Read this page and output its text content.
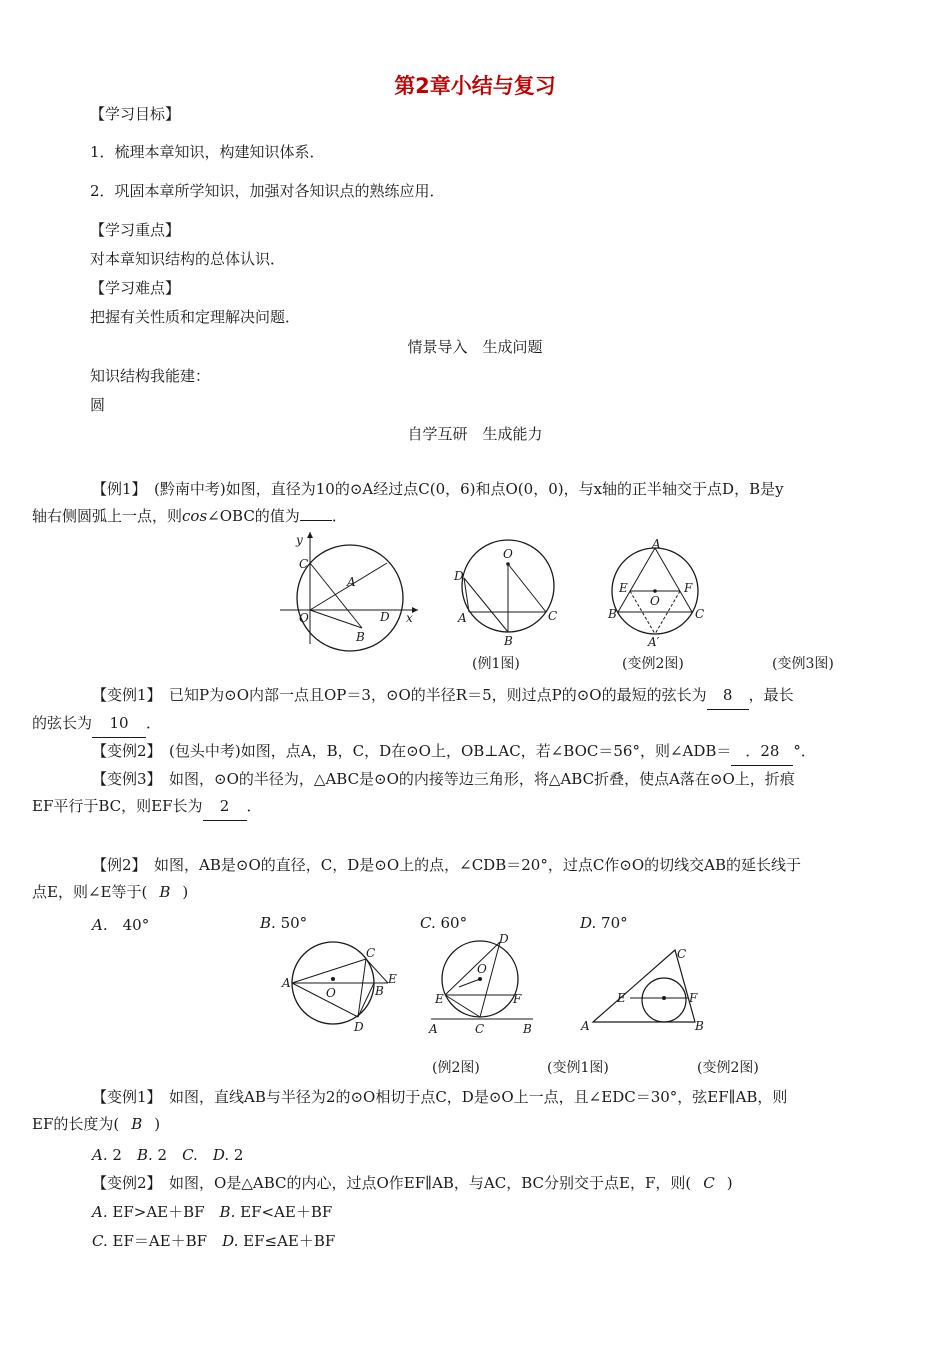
第2章小结与复习
【学习目标】
1．梳理本章知识，构建知识体系．
2．巩固本章所学知识，加强对各知识点的熟练应用．
【学习重点】
对本章知识结构的总体认识．
【学习难点】
把握有关性质和定理解决问题．
情景导入　生成问题
知识结构我能建：
圆
自学互研　生成能力
【例1】　(黔南中考)如图，直径为10的⊙A经过点C(0，6)和点O(0，0)，与x轴的正半轴交于点D，B是y
轴右侧圆弧上一点，则cos∠OBC的值为 ．
y
C
A
O	D
B
x
D
O
A
B
C
A
E
O
F
B	C
A′
(例1图)	(变例2图)	(变例3图)
【变例1】　已知P为⊙O内部一点且OP＝3，⊙O的半径R＝5，则过点P的⊙O的最短的弦长为 8 ，最长
的弦长为 10 ．
【变例2】　(包头中考)如图，点A，B，C，D在⊙O上，OB⊥AC，若∠BOC＝56°，则∠ADB＝ ．28 °．
【变例3】　如图，⊙O的半径为，△ABC是⊙O的内接等边三角形，将△ABC折叠，使点A落在⊙O上，折痕
EF平行于BC，则EF长为 2 ．
【例2】　如图，AB是⊙O的直径，C，D是⊙O上的点，∠CDB＝20°，过点C作⊙O的切线交AB的延长线于
点E，则∠E等于( B )
A.　 40°	B. 50°	C. 60°	D. 70°
C
A
O	B
E
D
D
O
E	F
A	C	B
C
E	F
A	B
(例2图)	(变例1图)	(变例2图)
【变例1】　如图，直线AB与半径为2的⊙O相切于点C，D是⊙O上一点，且∠EDC＝30°，弦EF∥AB，则
EF的长度为( B )
A. 2　 B. 2　 C.　 D. 2
【变例2】　如图，O是△ABC的内心，过点O作EF∥AB，与AC，BC分别交于点E，F，则( C )
A. EF>AE＋BF　 B. EF<AE＋BF
C. EF＝AE＋BF　 D. EF≤AE＋BF
